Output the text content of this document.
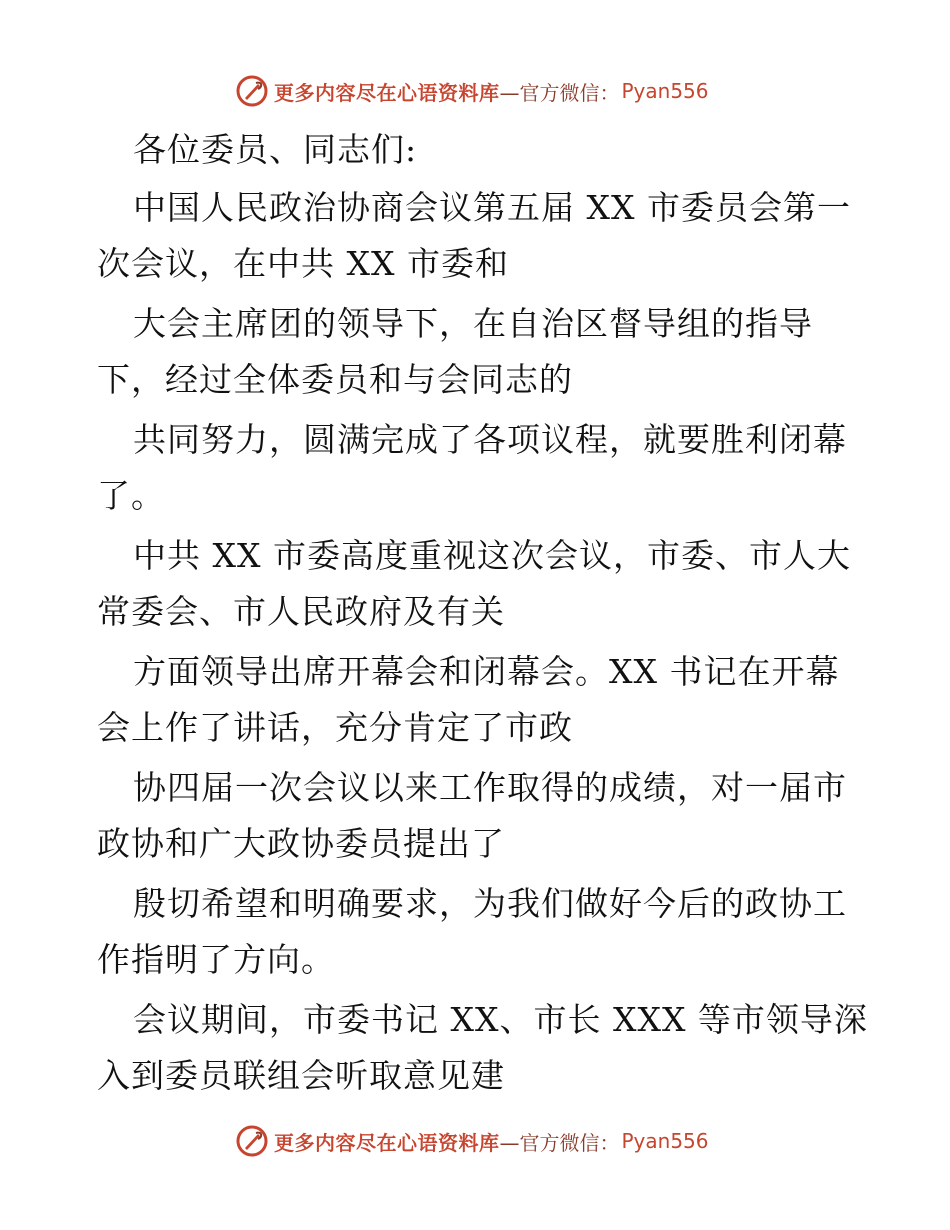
更多内容尽在心语资料库 —官方微信： Pyan556
各位委员、同志们:
中国人民政治协商会议第五届 XX 市委员会第一
次会议，在中共 XX 市委和
大会主席团的领导下，在自治区督导组的指导
下，经过全体委员和与会同志的
共同努力，圆满完成了各项议程，就要胜利闭幕
了。
中共 XX 市委高度重视这次会议，市委、市人大
常委会、市人民政府及有关
方面领导出席开幕会和闭幕会。XX 书记在开幕
会上作了讲话，充分肯定了市政
协四届一次会议以来工作取得的成绩，对一届市
政协和广大政协委员提出了
殷切希望和明确要求，为我们做好今后的政协工
作指明了方向。
会议期间，市委书记 XX、市长 XXX 等市领导深
入到委员联组会听取意见建
更多内容尽在心语资料库 —官方微信： Pyan556
